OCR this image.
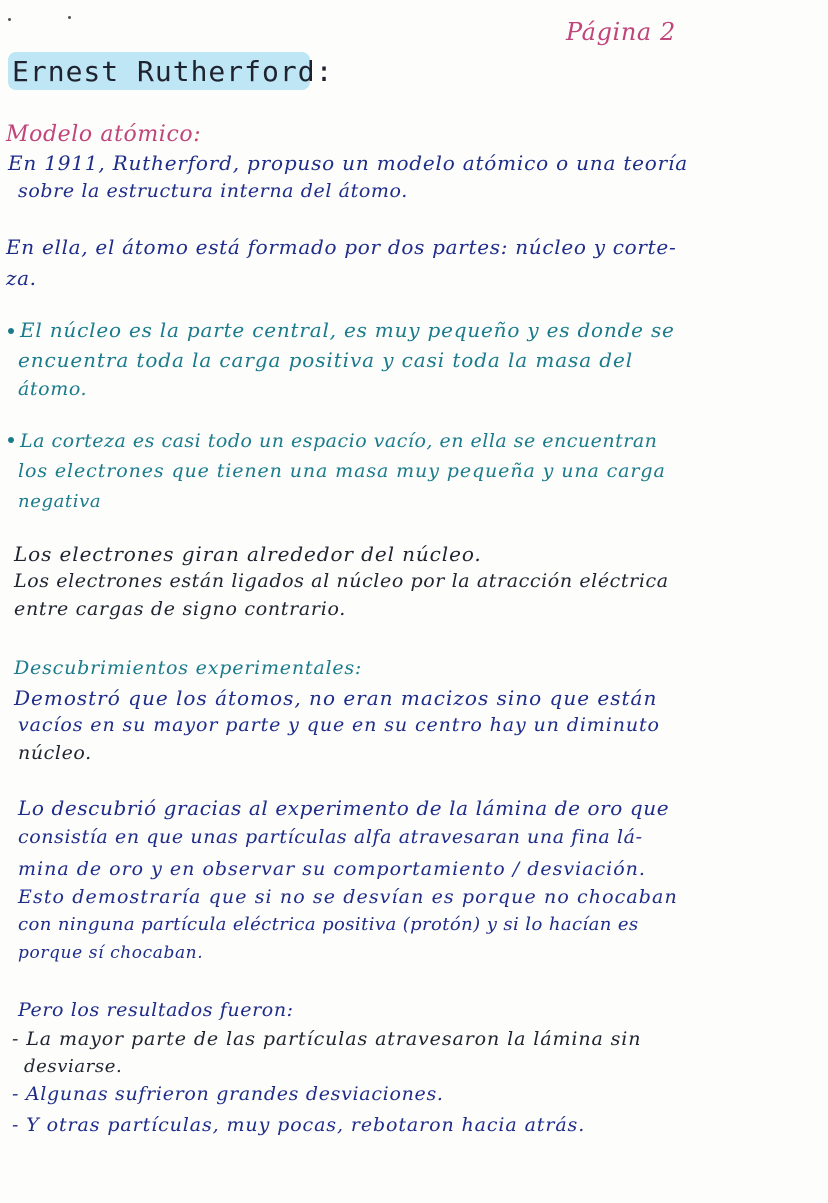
Página 2
Ernest Rutherford:
Modelo atómico:
En 1911, Rutherford, propuso un modelo atómico o una teoría
sobre la estructura interna del átomo.
En ella, el átomo está formado por dos partes: núcleo y corte-
za.
El núcleo es la parte central, es muy pequeño y es donde se
encuentra toda la carga positiva y casi toda la masa del
átomo.
La corteza es casi todo un espacio vacío, en ella se encuentran
los electrones que tienen una masa muy pequeña y una carga
negativa
Los electrones giran alrededor del núcleo.
Los electrones están ligados al núcleo por la atracción eléctrica
entre cargas de signo contrario.
Descubrimientos experimentales:
Demostró que los átomos, no eran macizos sino que están
vacíos en su mayor parte y que en su centro hay un diminuto
núcleo.
Lo descubrió gracias al experimento de la lámina de oro que
consistía en que unas partículas alfa atravesaran una fina lá-
mina de oro y en observar su comportamiento / desviación.
Esto demostraría que si no se desvían es porque no chocaban
con ninguna partícula eléctrica positiva (protón) y si lo hacían es
porque sí chocaban.
Pero los resultados fueron:
- La mayor parte de las partículas atravesaron la lámina sin
desviarse.
- Algunas sufrieron grandes desviaciones.
- Y otras partículas, muy pocas, rebotaron hacia atrás.
